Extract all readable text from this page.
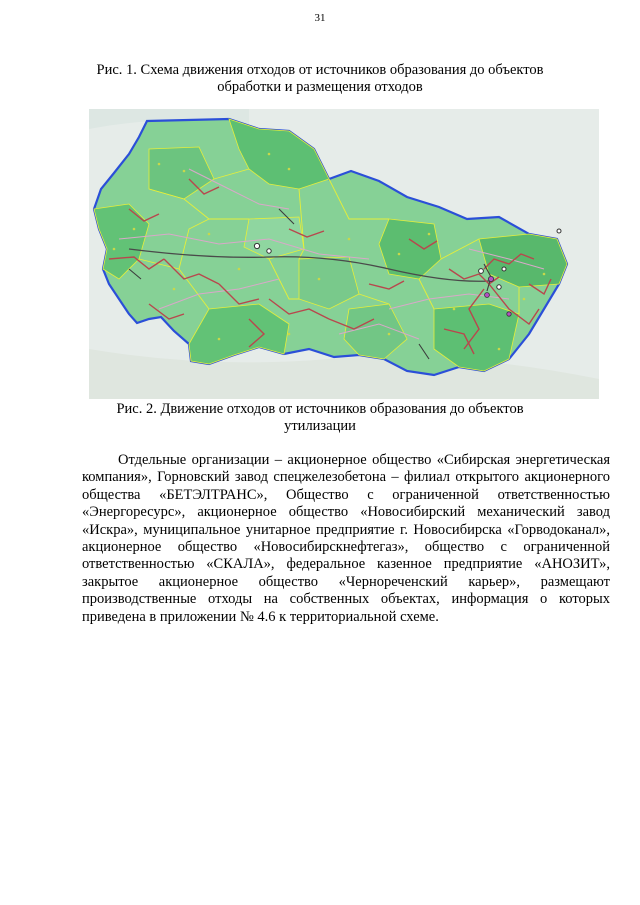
31
Рис. 1. Схема движения отходов от источников образования до объектов
обработки и размещения отходов
Рис. 2. Движение отходов от источников образования до объектов
утилизации

Отдельные организации – акционерное общество «Сибирская энергетическая компания», Горновский завод спецжелезобетона – филиал открытого акционерного общества «БЕТЭЛТРАНС», Общество с ограниченной ответственностью «Энергоресурс», акционерное общество «Новосибирский механический завод «Искра», муниципальное унитарное предприятие г. Новосибирска «Горводоканал», акционерное общество «Новосибирскнефтегаз», общество с ограниченной ответственностью «СКАЛА», федеральное казенное предприятие «АНОЗИТ», закрытое акционерное общество «Чернореченский карьер», размещают производственные отходы на собственных объектах, информация о которых приведена в приложении № 4.6 к территориальной схеме.
